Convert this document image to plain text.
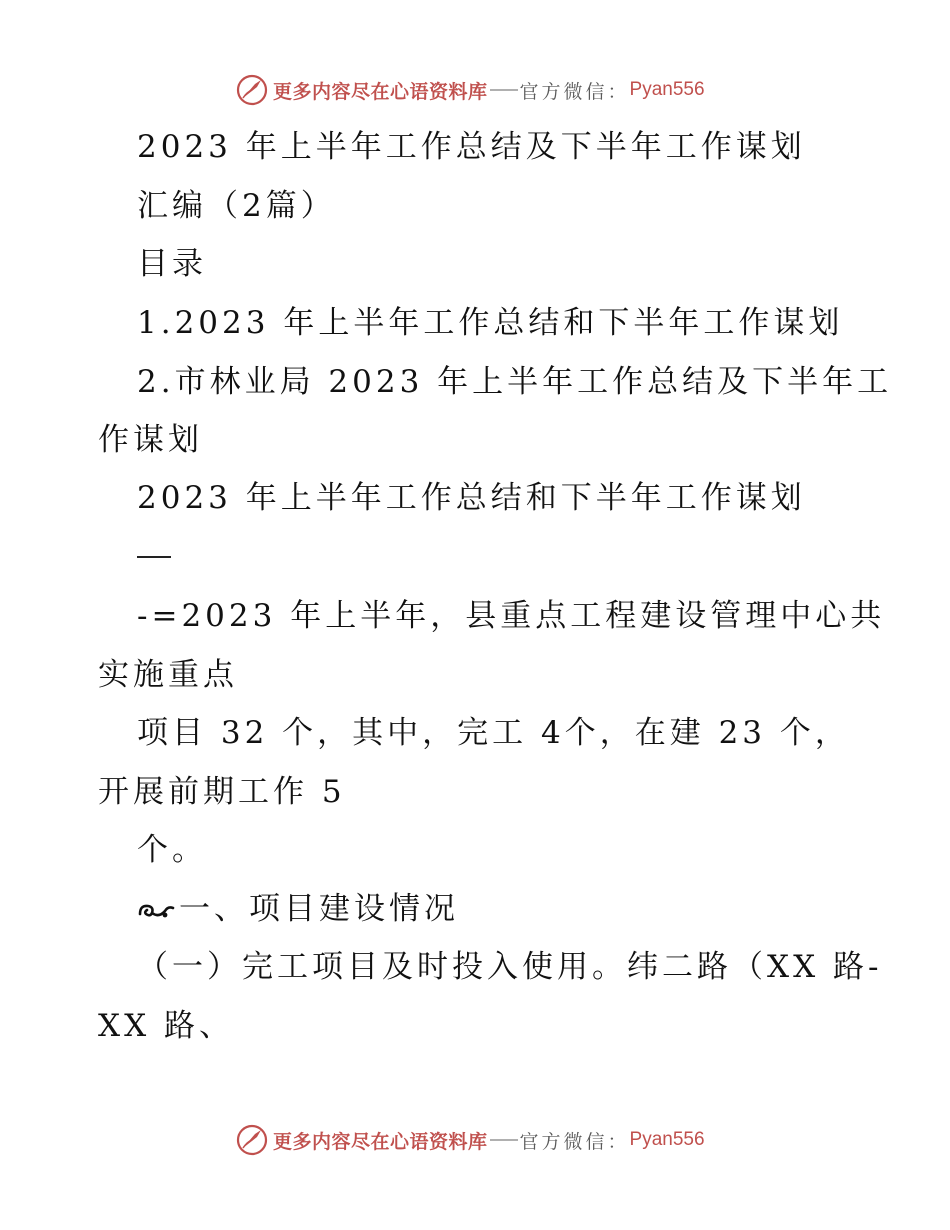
更多内容尽在心语资料库 官方微信： Pyan556
2023 年上半年工作总结及下半年工作谋划
汇编（2篇）
目录
1.2023 年上半年工作总结和下半年工作谋划
2.市林业局 2023 年上半年工作总结及下半年工
作谋划
2023 年上半年工作总结和下半年工作谋划
-=2023 年上半年，县重点工程建设管理中心共
实施重点
项目 32 个，其中，完工 4个，在建 23 个，
开展前期工作 5
个。
一、项目建设情况
（一）完工项目及时投入使用。纬二路（XX 路-
XX 路、
更多内容尽在心语资料库 官方微信： Pyan556
